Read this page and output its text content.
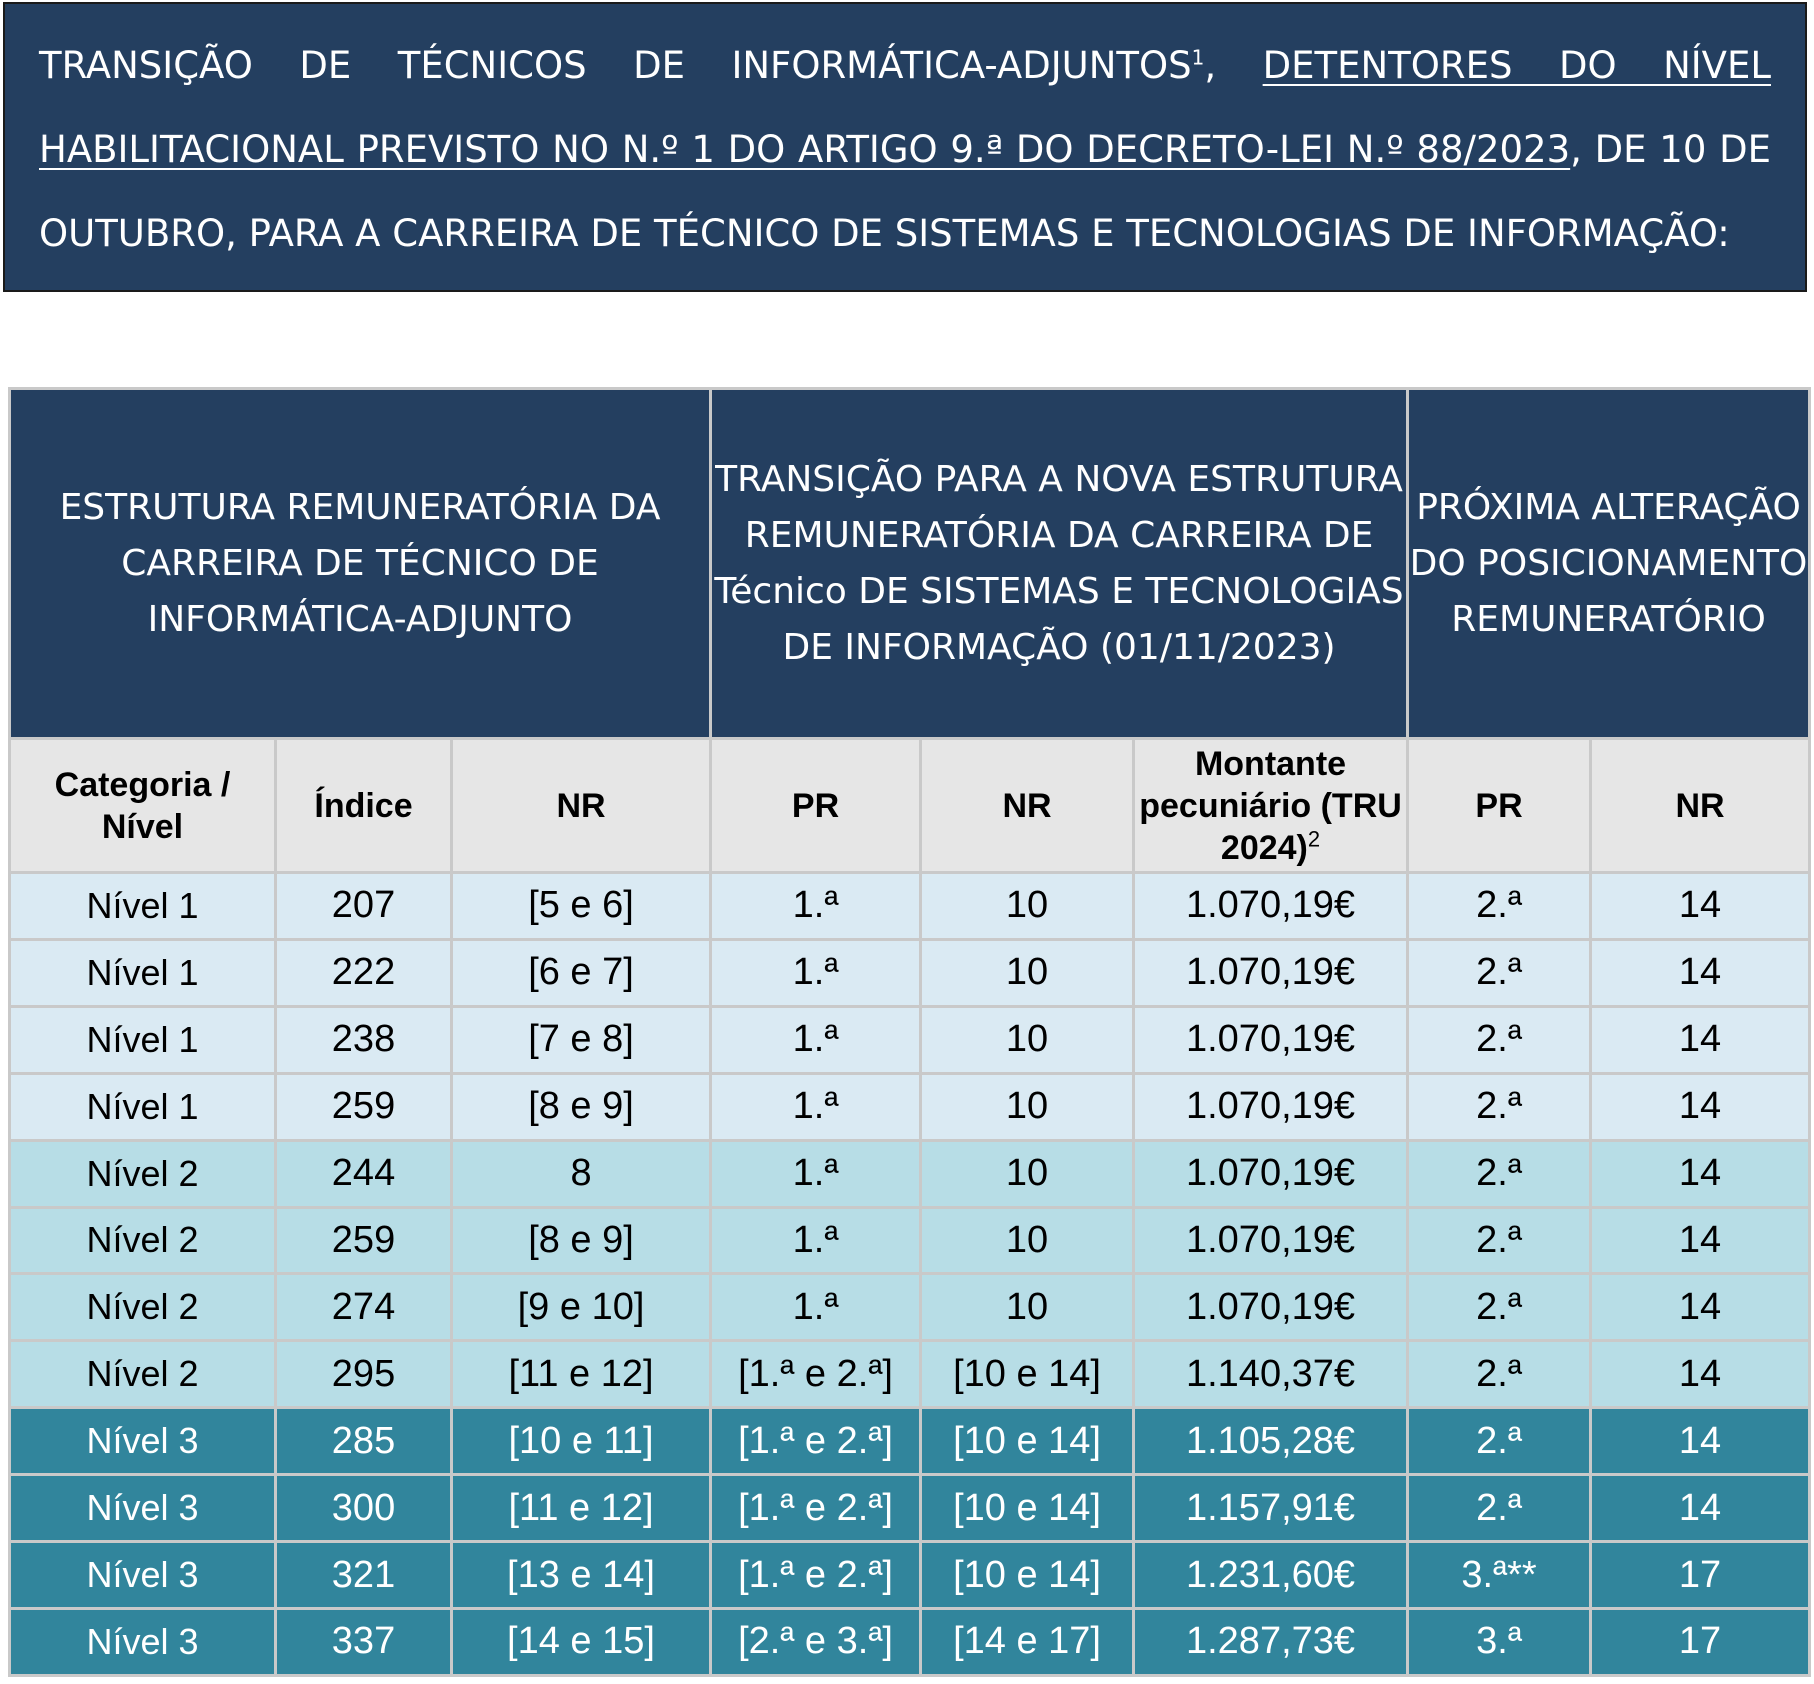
TRANSIÇÃO DE TÉCNICOS DE INFORMÁTICA-ADJUNTOS$^1$, DETENTORES DO NÍVEL HABILITACIONAL PREVISTO NO N.º 1 DO ARTIGO 9.ª DO DECRETO-LEI N.º 88/2023, DE 10 DE OUTUBRO, PARA A CARREIRA DE TÉCNICO DE SISTEMAS E TECNOLOGIAS DE INFORMAÇÃO:
ESTRUTURA REMUNERATÓRIA DA CARREIRA DE TÉCNICO DE INFORMÁTICA-ADJUNTO			TRANSIÇÃO PARA A NOVA ESTRUTURA REMUNERATÓRIA DA CARREIRA DE Técnico DE SISTEMAS E TECNOLOGIAS DE INFORMAÇÃO (01/11/2023)			PRÓXIMA ALTERAÇÃO DO POSICIONAMENTO REMUNERATÓRIO	
Categoria / Nível	Índice	NR	PR	NR	Montante pecuniário (TRU 2024)$^2$	PR	NR
Nível 1	207	[5 e 6]	1.ª	10	1.070,19€	2.ª	14
Nível 1	222	[6 e 7]	1.ª	10	1.070,19€	2.ª	14
Nível 1	238	[7 e 8]	1.ª	10	1.070,19€	2.ª	14
Nível 1	259	[8 e 9]	1.ª	10	1.070,19€	2.ª	14
Nível 2	244	8	1.ª	10	1.070,19€	2.ª	14
Nível 2	259	[8 e 9]	1.ª	10	1.070,19€	2.ª	14
Nível 2	274	[9 e 10]	1.ª	10	1.070,19€	2.ª	14
Nível 2	295	[11 e 12]	[1.ª e 2.ª]	[10 e 14]	1.140,37€	2.ª	14
Nível 3	285	[10 e 11]	[1.ª e 2.ª]	[10 e 14]	1.105,28€	2.ª	14
Nível 3	300	[11 e 12]	[1.ª e 2.ª]	[10 e 14]	1.157,91€	2.ª	14
Nível 3	321	[13 e 14]	[1.ª e 2.ª]	[10 e 14]	1.231,60€	3.ª**	17
Nível 3	337	[14 e 15]	[2.ª e 3.ª]	[14 e 17]	1.287,73€	3.ª	17
